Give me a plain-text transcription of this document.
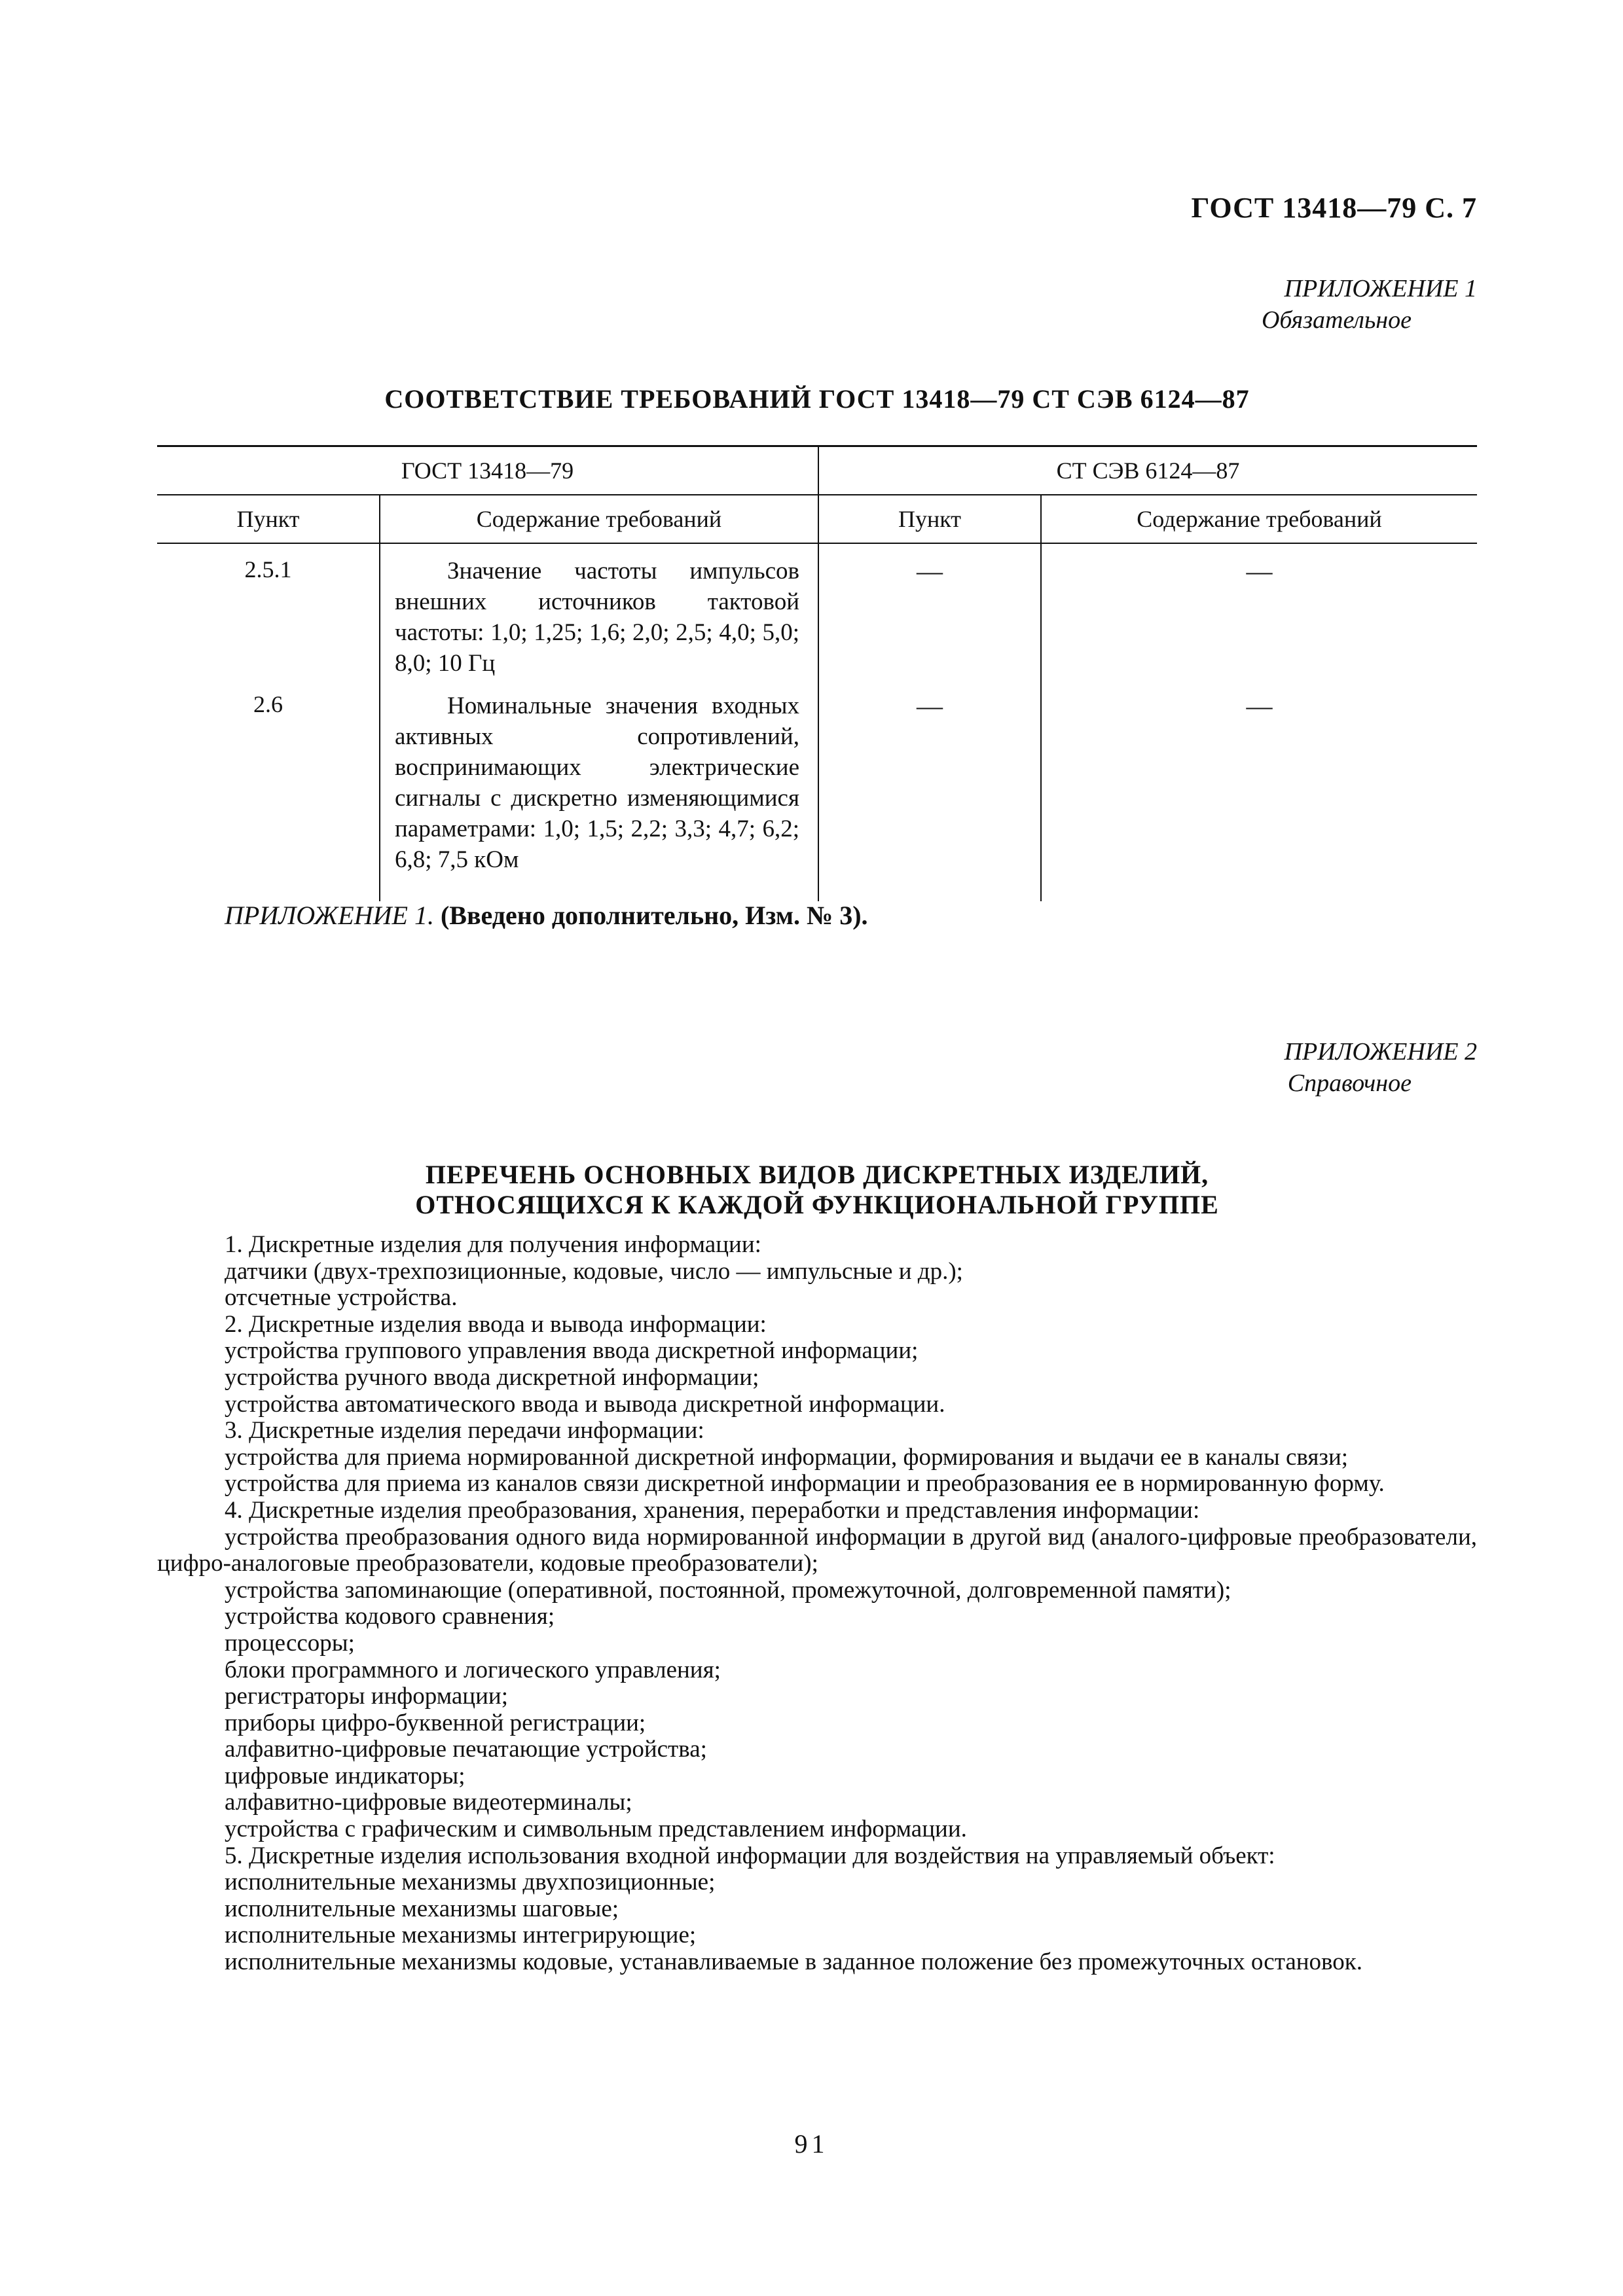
ГОСТ 13418—79 С. 7
ПРИЛОЖЕНИЕ 1
Обязательное
СООТВЕТСТВИЕ ТРЕБОВАНИЙ ГОСТ 13418—79 СТ СЭВ 6124—87
ГОСТ 13418—79		СТ СЭВ 6124—87	
Пункт	Содержание требований	Пункт	Содержание требований
2.5.1	Значение частоты импульсов внешних источников тактовой частоты: 1,0; 1,25; 1,6; 2,0; 2,5; 4,0; 5,0; 8,0; 10 Гц	—	—
2.6	Номинальные значения входных активных сопротивлений, воспринимающих электрические сигналы с дискретно изменяющимися параметрами: 1,0; 1,5; 2,2; 3,3; 4,7; 6,2; 6,8; 7,5 кОм	—	—
ПРИЛОЖЕНИЕ 1. (Введено дополнительно, Изм. № 3).
ПРИЛОЖЕНИЕ 2
Справочное
ПЕРЕЧЕНЬ ОСНОВНЫХ ВИДОВ ДИСКРЕТНЫХ ИЗДЕЛИЙ,
ОТНОСЯЩИХСЯ К КАЖДОЙ ФУНКЦИОНАЛЬНОЙ ГРУППЕ

1. Дискретные изделия для получения информации:

датчики (двух-трехпозиционные, кодовые, число — импульсные и др.);

отсчетные устройства.

2. Дискретные изделия ввода и вывода информации:

устройства группового управления ввода дискретной информации;

устройства ручного ввода дискретной информации;

устройства автоматического ввода и вывода дискретной информации.

3. Дискретные изделия передачи информации:

устройства для приема нормированной дискретной информации, формирования и выдачи ее в каналы связи;

устройства для приема из каналов связи дискретной информации и преобразования ее в нормированную форму.

4. Дискретные изделия преобразования, хранения, переработки и представления информации:

устройства преобразования одного вида нормированной информации в другой вид (аналого-цифровые преобразователи, цифро-аналоговые преобразователи, кодовые преобразователи);

устройства запоминающие (оперативной, постоянной, промежуточной, долговременной памяти);

устройства кодового сравнения;

процессоры;

блоки программного и логического управления;

регистраторы информации;

приборы цифро-буквенной регистрации;

алфавитно-цифровые печатающие устройства;

цифровые индикаторы;

алфавитно-цифровые видеотерминалы;

устройства с графическим и символьным представлением информации.

5. Дискретные изделия использования входной информации для воздействия на управляемый объект:

исполнительные механизмы двухпозиционные;

исполнительные механизмы шаговые;

исполнительные механизмы интегрирующие;

исполнительные механизмы кодовые, устанавливаемые в заданное положение без промежуточных остановок.

91
